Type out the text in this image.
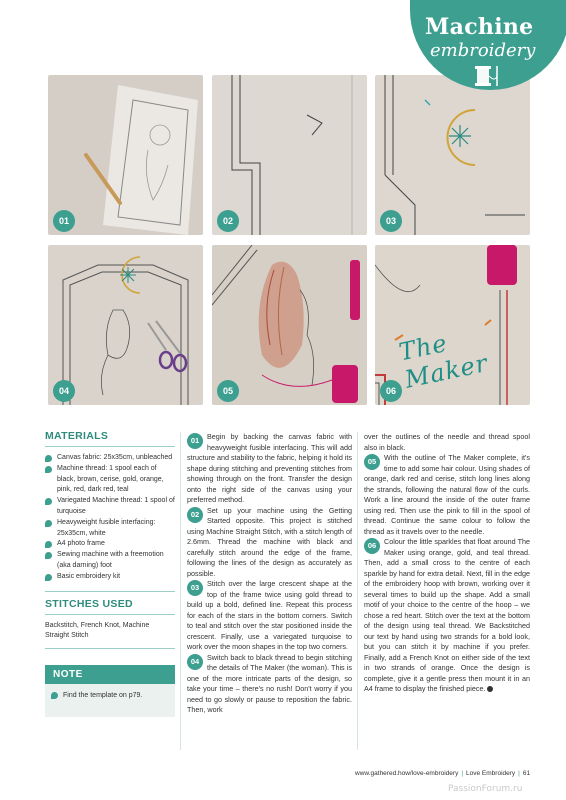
Machine
embroidery
01	02	03
04	05
The Maker
06
MATERIALS
Canvas fabric: 25x35cm, unbleached
Machine thread: 1 spool each of black, brown, cerise, gold, orange, pink, red, dark red, teal
Variegated Machine thread: 1 spool of turquoise
Heavyweight fusible interfacing: 25x35cm, white
A4 photo frame
Sewing machine with a freemotion (aka darning) foot
Basic embroidery kit
STITCHES USED
Backstitch, French Knot, Machine Straight Stitch
NOTE
Find the template on p79.
01	Begin by backing the canvas fabric with heavyweight fusible interfacing. This will add structure and stability to the fabric, helping it hold its shape during stitching and preventing stitches from showing through on the front. Transfer the design onto the right side of the canvas using your preferred method.
02	Set up your machine using the Getting Started opposite. This project is stitched using Machine Straight Stitch, with a stitch length of 2.6mm. Thread the machine with black and carefully stitch around the edge of the frame, following the lines of the design as accurately as possible.
03	Stitch over the large crescent shape at the top of the frame twice using gold thread to build up a bold, defined line. Repeat this process for each of the stars in the bottom corners. Switch to teal and stitch over the star positioned inside the crescent. Finally, use a variegated turquoise to work over the moon shapes in the top two corners.
04	Switch back to black thread to begin stitching the details of The Maker (the woman). This is one of the more intricate parts of the design, so take your time – there's no rush! Don't worry if you need to go slowly or pause to reposition the fabric. Then, work
over the outlines of the needle and thread spool also in black.
05	With the outline of The Maker complete, it's time to add some hair colour. Using shades of orange, dark red and cerise, stitch long lines along the strands, following the natural flow of the curls. Work a line around the inside of the outer frame using red. Then use the pink to fill in the spool of thread. Continue the same colour to follow the thread as it travels over to the needle.
06	Colour the little sparkles that float around The Maker using orange, gold, and teal thread. Then, add a small cross to the centre of each sparkle by hand for extra detail. Next, fill in the edge of the embroidery hoop with brown, working over it several times to build up the shape. Add a small motif of your choice to the centre of the hoop – we chose a red heart. Stitch over the text at the bottom of the design using teal thread. We Backstitched our text by hand using two strands for a bold look, but you can stitch it by machine if you prefer. Finally, add a French Knot on either side of the text in two strands of orange. Once the design is complete, give it a gentle press then mount it in an A4 frame to display the finished piece.
www.gathered.how/love-embroidery | Love Embroidery | 61
PassionForum.ru
